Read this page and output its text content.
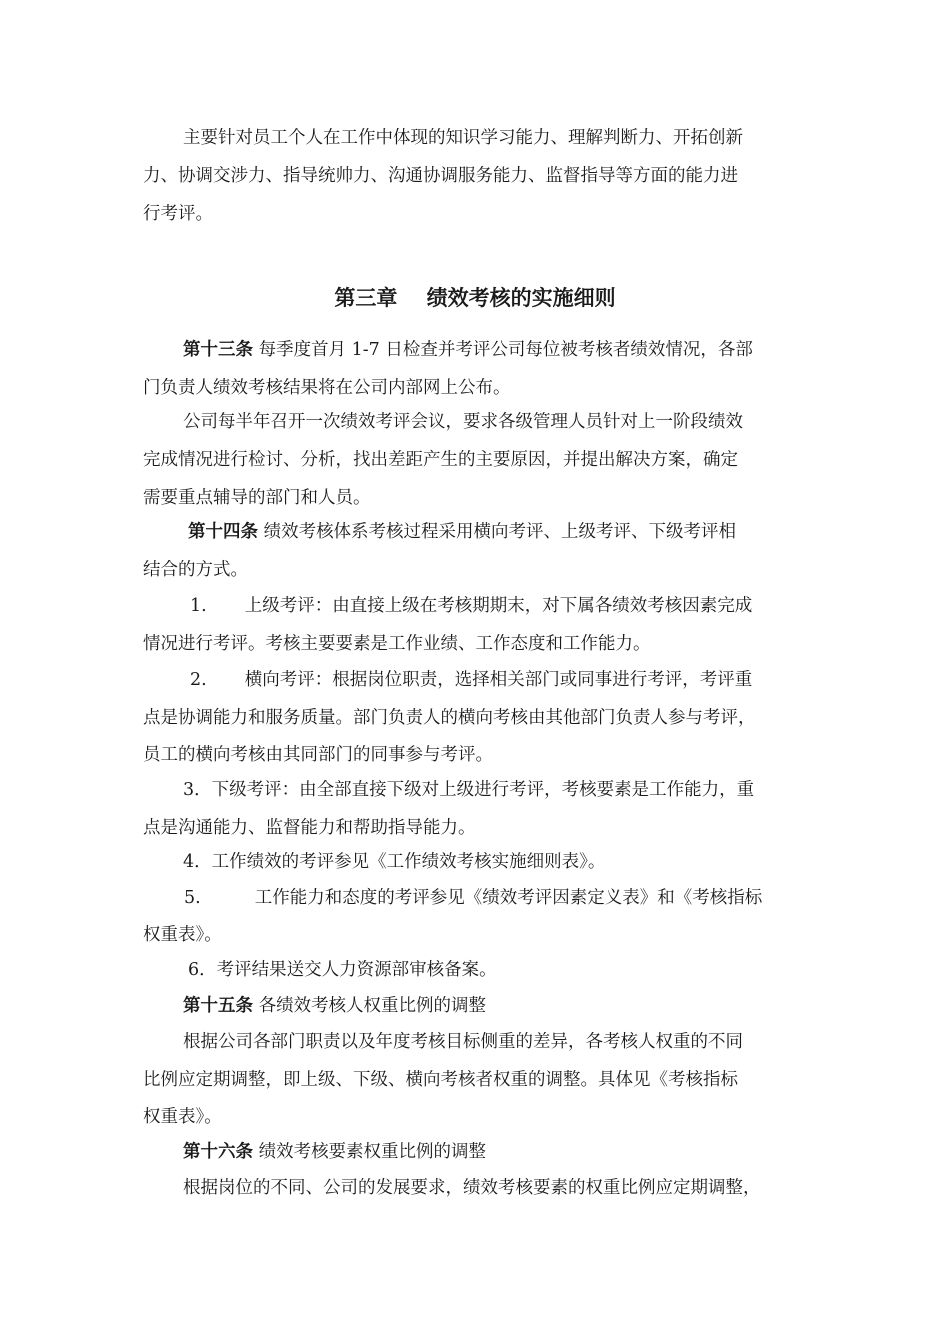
主要针对员工个人在工作中体现的知识学习能力、理解判断力、开拓创新
力、协调交涉力、指导统帅力、沟通协调服务能力、监督指导等方面的能力进
行考评。
第三章    绩效考核的实施细则
第十三条 每季度首月 1-7 日检查并考评公司每位被考核者绩效情况，各部
门负责人绩效考核结果将在公司内部网上公布。
公司每半年召开一次绩效考评会议，要求各级管理人员针对上一阶段绩效
完成情况进行检讨、分析，找出差距产生的主要原因，并提出解决方案，确定
需要重点辅导的部门和人员。
第十四条 绩效考核体系考核过程采用横向考评、上级考评、下级考评相
结合的方式。
1. 上级考评：由直接上级在考核期期末，对下属各绩效考核因素完成
情况进行考评。考核主要要素是工作业绩、工作态度和工作能力。
2. 横向考评：根据岗位职责，选择相关部门或同事进行考评，考评重
点是协调能力和服务质量。部门负责人的横向考核由其他部门负责人参与考评，
员工的横向考核由其同部门的同事参与考评。
3．下级考评：由全部直接下级对上级进行考评，考核要素是工作能力，重
点是沟通能力、监督能力和帮助指导能力。
4．工作绩效的考评参见《工作绩效考核实施细则表》。
5.	工作能力和态度的考评参见《绩效考评因素定义表》和《考核指标
权重表》。
6．考评结果送交人力资源部审核备案。
第十五条 各绩效考核人权重比例的调整
根据公司各部门职责以及年度考核目标侧重的差异，各考核人权重的不同
比例应定期调整，即上级、下级、横向考核者权重的调整。具体见《考核指标
权重表》。
第十六条 绩效考核要素权重比例的调整
根据岗位的不同、公司的发展要求，绩效考核要素的权重比例应定期调整，
